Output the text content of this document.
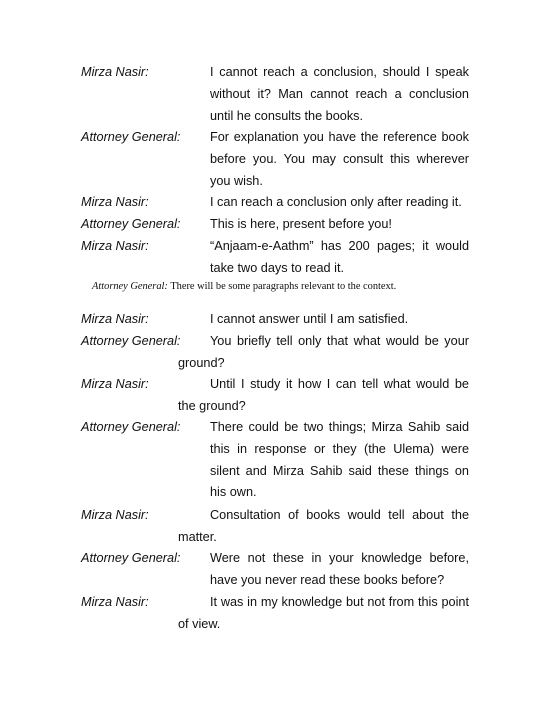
Mirza Nasir:	I cannot reach a conclusion, should I speak without it? Man cannot reach a conclusion until he consults the books.
Attorney General: For explanation you have the reference book before you. You may consult this wherever you wish.
Mirza Nasir:	I can reach a conclusion only after reading it.
Attorney General: This is here, present before you!
Mirza Nasir:	“Anjaam-e-Aathm” has 200 pages; it would take two days to read it.
Attorney General: There will be some paragraphs relevant to the context.
Mirza Nasir:	I cannot answer until I am satisfied.
Attorney General:	You briefly tell only that what would be your ground?
Mirza Nasir:	Until I study it how I can tell what would be the ground?
Attorney General: There could be two things; Mirza Sahib said this in response or they (the Ulema) were silent and Mirza Sahib said these things on his own.
Mirza Nasir:	Consultation of books would tell about the matter.
Attorney General: Were not these in your knowledge before, have you never read these books before?
Mirza Nasir:	It was in my knowledge but not from this point of view.
